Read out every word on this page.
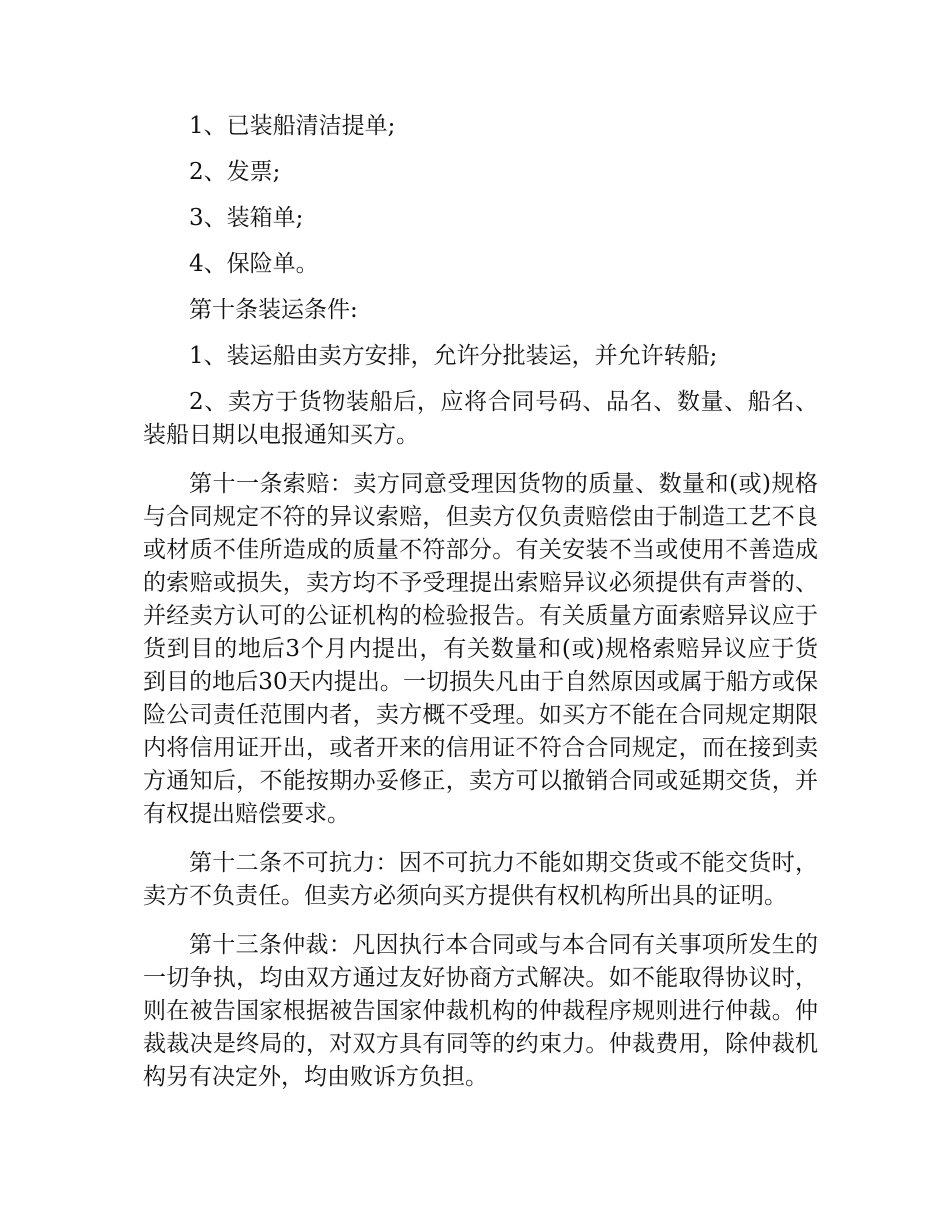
1、已装船清洁提单;

2、发票;

3、装箱单;

4、保险单。

第十条装运条件:

1、装运船由卖方安排，允许分批装运，并允许转船;

2、卖方于货物装船后，应将合同号码、品名、数量、船名、装船日期以电报通知买方。

第十一条索赔：卖方同意受理因货物的质量、数量和(或)规格与合同规定不符的异议索赔，但卖方仅负责赔偿由于制造工艺不良或材质不佳所造成的质量不符部分。有关安装不当或使用不善造成的索赔或损失，卖方均不予受理提出索赔异议必须提供有声誉的、并经卖方认可的公证机构的检验报告。有关质量方面索赔异议应于货到目的地后3个月内提出，有关数量和(或)规格索赔异议应于货到目的地后30天内提出。一切损失凡由于自然原因或属于船方或保险公司责任范围内者，卖方概不受理。如买方不能在合同规定期限内将信用证开出，或者开来的信用证不符合合同规定，而在接到卖方通知后，不能按期办妥修正，卖方可以撤销合同或延期交货，并有权提出赔偿要求。

第十二条不可抗力：因不可抗力不能如期交货或不能交货时，卖方不负责任。但卖方必须向买方提供有权机构所出具的证明。

第十三条仲裁：凡因执行本合同或与本合同有关事项所发生的一切争执，均由双方通过友好协商方式解决。如不能取得协议时，则在被告国家根据被告国家仲裁机构的仲裁程序规则进行仲裁。仲裁裁决是终局的，对双方具有同等的约束力。仲裁费用，除仲裁机构另有决定外，均由败诉方负担。
